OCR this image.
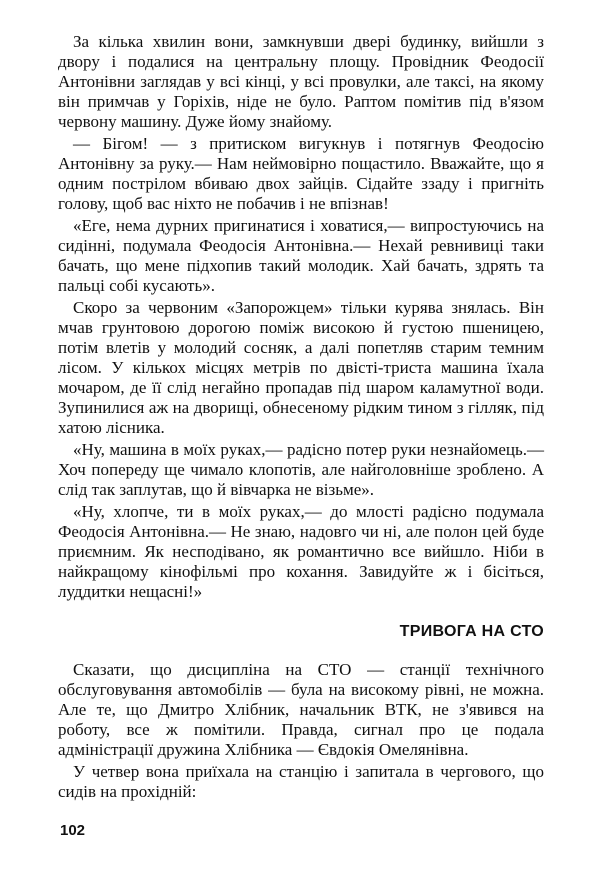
За кілька хвилин вони, замкнувши двері будинку, вийшли з двору і подалися на центральну площу. Провідник Феодосії Антонівни заглядав у всі кінці, у всі провулки, але таксі, на якому він примчав у Горіхів, ніде не було. Раптом помітив під в'язом червону машину. Дуже йому знайому.

— Бігом! — з притиском вигукнув і потягнув Феодосію Антонівну за руку.— Нам неймовірно пощастило. Вважайте, що я одним пострілом вбиваю двох зайців. Сідайте ззаду і пригніть голову, щоб вас ніхто не побачив і не впізнав!

«Еге, нема дурних пригинатися і ховатися,— випростуючись на сидінні, подумала Феодосія Антонівна.— Нехай ревнивиці таки бачать, що мене підхопив такий молодик. Хай бачать, здрять та пальці собі кусають».

Скоро за червоним «Запорожцем» тільки курява знялась. Він мчав грунтовою дорогою поміж високою й густою пшеницею, потім влетів у молодий сосняк, а далі попетляв старим темним лісом. У кількох місцях метрів по двісті-триста машина їхала мочаром, де її слід негайно пропадав під шаром каламутної води. Зупинилися аж на дворищі, обнесеному рідким тином з гілляк, під хатою лісника.

«Ну, машина в моїх руках,— радісно потер руки незнайомець.— Хоч попереду ще чимало клопотів, але найголовніше зроблено. А слід так заплутав, що й вівчарка не візьме».

«Ну, хлопче, ти в моїх руках,— до млості радісно подумала Феодосія Антонівна.— Не знаю, надовго чи ні, але полон цей буде приємним. Як несподівано, як романтично все вийшло. Ніби в найкращому кінофільмі про кохання. Завидуйте ж і бісіться, луддитки нещасні!»

ТРИВОГА НА СТО

Сказати, що дисципліна на СТО — станції технічного обслуговування автомобілів — була на високому рівні, не можна. Але те, що Дмитро Хлібник, начальник ВТК, не з'явився на роботу, все ж помітили. Правда, сигнал про це подала адміністрації дружина Хлібника — Євдокія Омелянівна.

У четвер вона приїхала на станцію і запитала в чергового, що сидів на прохідній:

102
